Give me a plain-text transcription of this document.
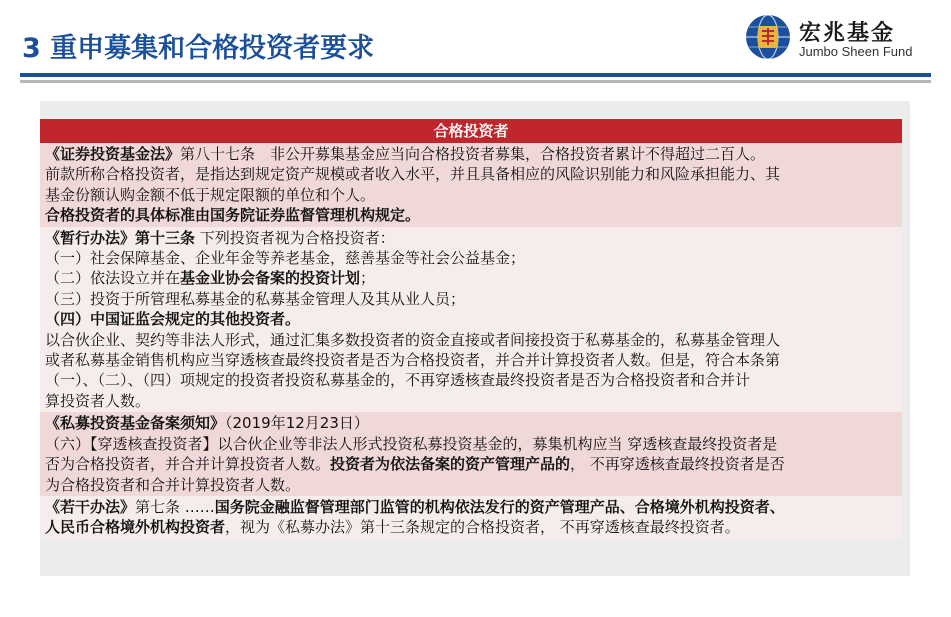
3 重申募集和合格投资者要求	宏兆基金
Jumbo Sheen Fund
合格投资者
《证券投资基金法》第八十七条　非公开募集基金应当向合格投资者募集，合格投资者累计不得超过二百人。
前款所称合格投资者，是指达到规定资产规模或者收入水平，并且具备相应的风险识别能力和风险承担能力、其
基金份额认购金额不低于规定限额的单位和个人。
合格投资者的具体标准由国务院证券监督管理机构规定。
《暂行办法》第十三条 下列投资者视为合格投资者：
（一）社会保障基金、企业年金等养老基金，慈善基金等社会公益基金；
（二）依法设立并在基金业协会备案的投资计划；
（三）投资于所管理私募基金的私募基金管理人及其从业人员；
（四）中国证监会规定的其他投资者。
以合伙企业、契约等非法人形式，通过汇集多数投资者的资金直接或者间接投资于私募基金的，私募基金管理人
或者私募基金销售机构应当穿透核查最终投资者是否为合格投资者，并合并计算投资者人数。但是，符合本条第
（一）、（二）、（四）项规定的投资者投资私募基金的，不再穿透核查最终投资者是否为合格投资者和合并计
算投资者人数。
《私募投资基金备案须知》（2019年12月23日）
（六）【穿透核查投资者】以合伙企业等非法人形式投资私募投资基金的，募集机构应当 穿透核查最终投资者是
否为合格投资者，并合并计算投资者人数。投资者为依法备案的资产管理产品的， 不再穿透核查最终投资者是否
为合格投资者和合并计算投资者人数。
《若干办法》第七条 ……国务院金融监督管理部门监管的机构依法发行的资产管理产品、合格境外机构投资者、
人民币合格境外机构投资者，视为《私募办法》第十三条规定的合格投资者， 不再穿透核查最终投资者。
